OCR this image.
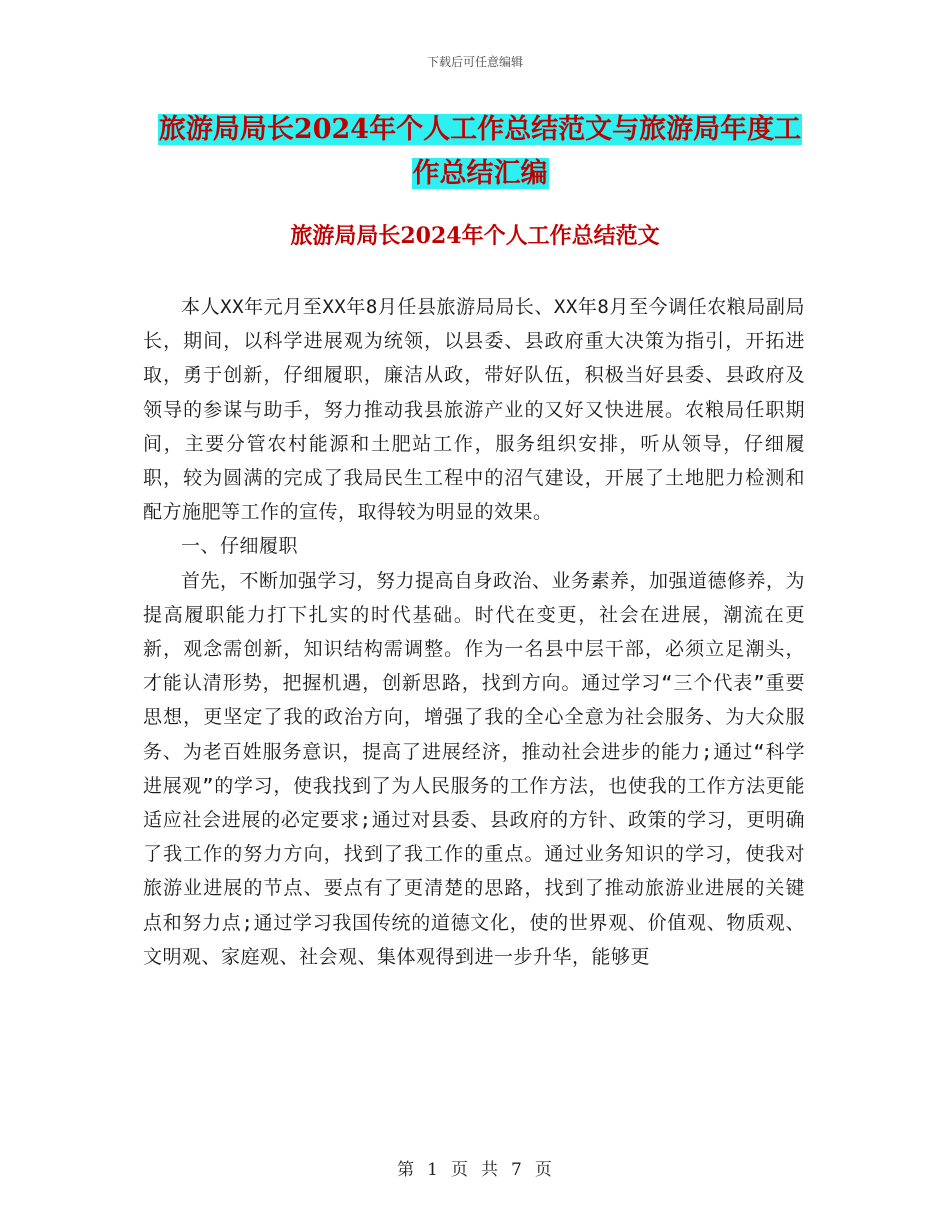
下载后可任意编辑
旅游局局长2024年个人工作总结范文与旅游局年度工
作总结汇编
旅游局局长2024年个人工作总结范文

本人XX年元月至XX年8月任县旅游局局长、XX年8月至今调任农粮局副局长，期间，以科学进展观为统领，以县委、县政府重大决策为指引，开拓进取，勇于创新，仔细履职，廉洁从政，带好队伍，积极当好县委、县政府及领导的参谋与助手，努力推动我县旅游产业的又好又快进展。农粮局任职期间，主要分管农村能源和土肥站工作，服务组织安排，听从领导，仔细履职，较为圆满的完成了我局民生工程中的沼气建设，开展了土地肥力检测和配方施肥等工作的宣传，取得较为明显的效果。

一、仔细履职

首先，不断加强学习，努力提高自身政治、业务素养，加强道德修养，为提高履职能力打下扎实的时代基础。时代在变更，社会在进展，潮流在更新，观念需创新，知识结构需调整。作为一名县中层干部，必须立足潮头，才能认清形势，把握机遇，创新思路，找到方向。通过学习“三个代表”重要思想，更坚定了我的政治方向，增强了我的全心全意为社会服务、为大众服务、为老百姓服务意识，提高了进展经济，推动社会进步的能力;通过“科学进展观”的学习，使我找到了为人民服务的工作方法，也使我的工作方法更能适应社会进展的必定要求;通过对县委、县政府的方针、政策的学习，更明确了我工作的努力方向，找到了我工作的重点。通过业务知识的学习，使我对旅游业进展的节点、要点有了更清楚的思路，找到了推动旅游业进展的关键点和努力点;通过学习我国传统的道德文化，使的世界观、价值观、物质观、文明观、家庭观、社会观、集体观得到进一步升华，能够更

第 1 页 共 7 页
